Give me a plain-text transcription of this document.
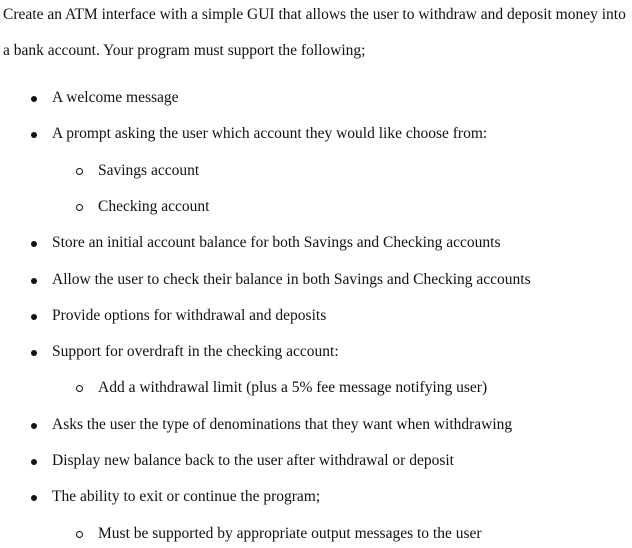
Create an ATM interface with a simple GUI that allows the user to withdraw and deposit money into
a bank account. Your program must support the following;
A welcome message
A prompt asking the user which account they would like choose from:
Savings account
Checking account
Store an initial account balance for both Savings and Checking accounts
Allow the user to check their balance in both Savings and Checking accounts
Provide options for withdrawal and deposits
Support for overdraft in the checking account:
Add a withdrawal limit (plus a 5% fee message notifying user)
Asks the user the type of denominations that they want when withdrawing
Display new balance back to the user after withdrawal or deposit
The ability to exit or continue the program;
Must be supported by appropriate output messages to the user
